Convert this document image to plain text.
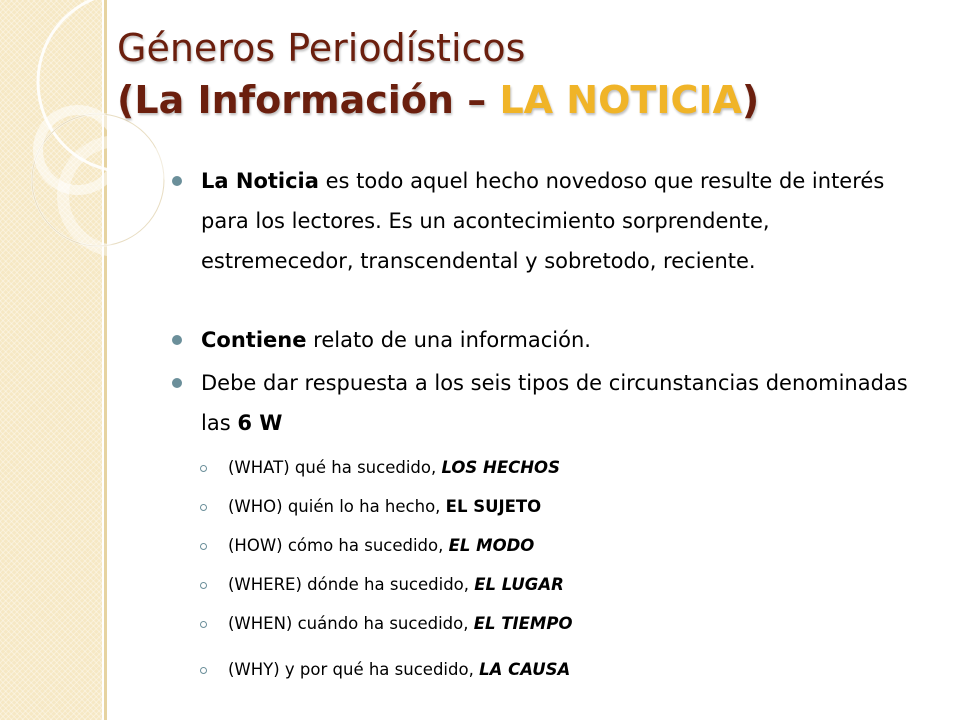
Géneros Periodísticos
(La Información – LA NOTICIA)
La Noticia es todo aquel hecho novedoso que resulte de interés para los lectores. Es un acontecimiento sorprendente, estremecedor, transcendental y sobretodo, reciente.
Contiene relato de una información.
Debe dar respuesta a los seis tipos de circunstancias denominadas las 6 W
(WHAT) qué ha sucedido, LOS HECHOS
(WHO) quién lo ha hecho, EL SUJETO
(HOW) cómo ha sucedido, EL MODO
(WHERE) dónde ha sucedido, EL LUGAR
(WHEN) cuándo ha sucedido, EL TIEMPO
(WHY) y por qué ha sucedido, LA CAUSA
